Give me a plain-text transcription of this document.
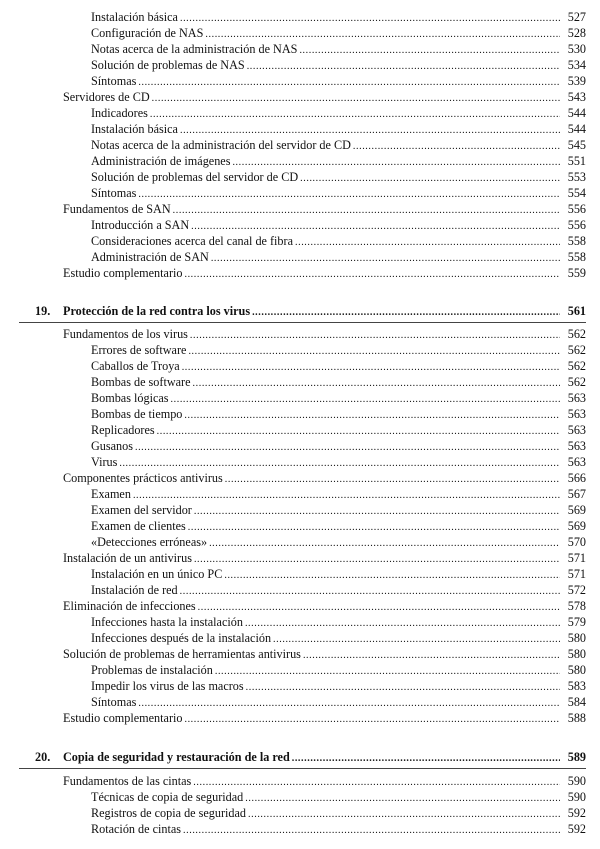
Instalación básica .....	527
Configuración de NAS .....	528
Notas acerca de la administración de NAS .....	530
Solución de problemas de NAS .....	534
Síntomas .....	539
Servidores de CD .....	543
Indicadores .....	544
Instalación básica .....	544
Notas acerca de la administración del servidor de CD .....	545
Administración de imágenes .....	551
Solución de problemas del servidor de CD .....	553
Síntomas .....	554
Fundamentos de SAN .....	556
Introducción a SAN .....	556
Consideraciones acerca del canal de fibra .....	558
Administración de SAN .....	558
Estudio complementario .....	559
19.	Protección de la red contra los virus .....	561
Fundamentos de los virus .....	562
Errores de software .....	562
Caballos de Troya .....	562
Bombas de software .....	562
Bombas lógicas .....	563
Bombas de tiempo .....	563
Replicadores .....	563
Gusanos .....	563
Virus .....	563
Componentes prácticos antivirus .....	566
Examen .....	567
Examen del servidor .....	569
Examen de clientes .....	569
«Detecciones erróneas» .....	570
Instalación de un antivirus .....	571
Instalación en un único PC .....	571
Instalación de red .....	572
Eliminación de infecciones .....	578
Infecciones hasta la instalación .....	579
Infecciones después de la instalación .....	580
Solución de problemas de herramientas antivirus .....	580
Problemas de instalación .....	580
Impedir los virus de las macros .....	583
Síntomas .....	584
Estudio complementario .....	588
20.	Copia de seguridad y restauración de la red .....	589
Fundamentos de las cintas .....	590
Técnicas de copia de seguridad .....	590
Registros de copia de seguridad .....	592
Rotación de cintas .....	592
